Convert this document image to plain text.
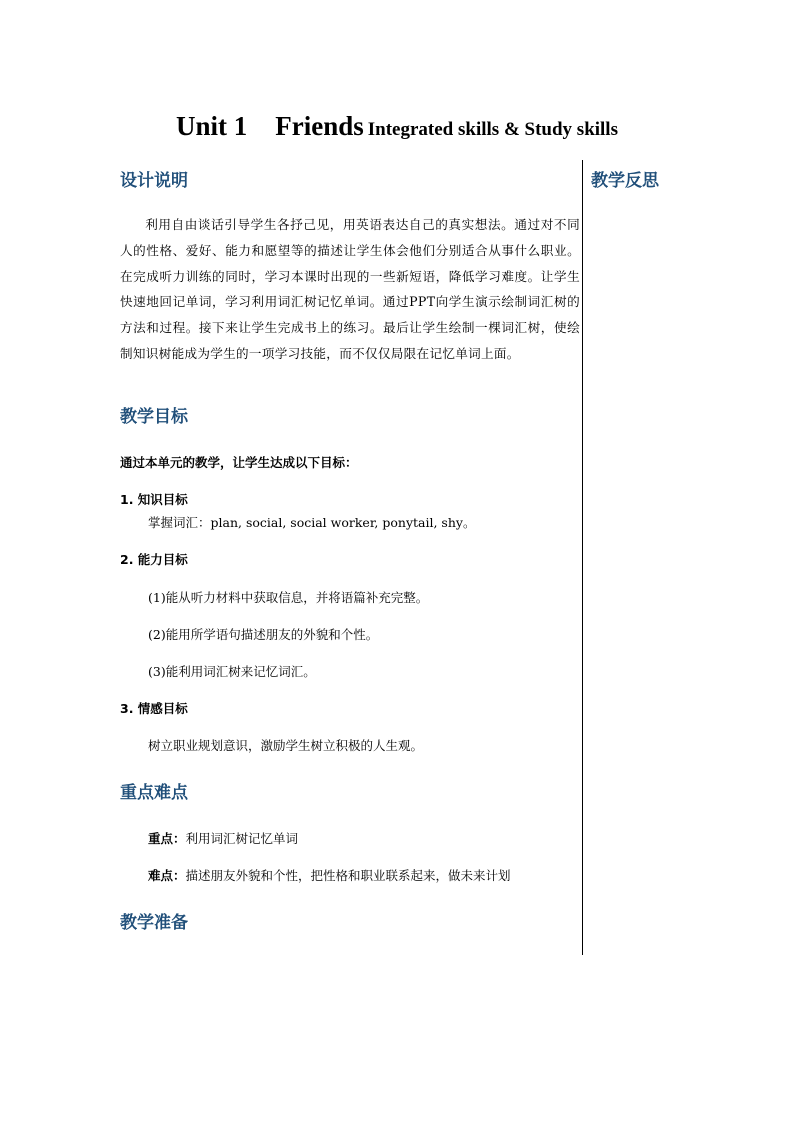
Unit 1 Friends Integrated skills & Study skills
设计说明	教学反思

利用自由谈话引导学生各抒己见，用英语表达自己的真实想法。通过对不同人的性格、爱好、能力和愿望等的描述让学生体会他们分别适合从事什么职业。在完成听力训练的同时，学习本课时出现的一些新短语，降低学习难度。让学生快速地回记单词，学习利用词汇树记忆单词。通过PPT向学生演示绘制词汇树的方法和过程。接下来让学生完成书上的练习。最后让学生绘制一棵词汇树，使绘制知识树能成为学生的一项学习技能，而不仅仅局限在记忆单词上面。

教学目标
通过本单元的教学，让学生达成以下目标：
1. 知识目标
掌握词汇：plan, social, social worker, ponytail, shy。
2. 能力目标
(1)能从听力材料中获取信息，并将语篇补充完整。
(2)能用所学语句描述朋友的外貌和个性。
(3)能利用词汇树来记忆词汇。
3. 情感目标
树立职业规划意识，激励学生树立积极的人生观。
重点难点
重点：利用词汇树记忆单词
难点：描述朋友外貌和个性，把性格和职业联系起来，做未来计划
教学准备
